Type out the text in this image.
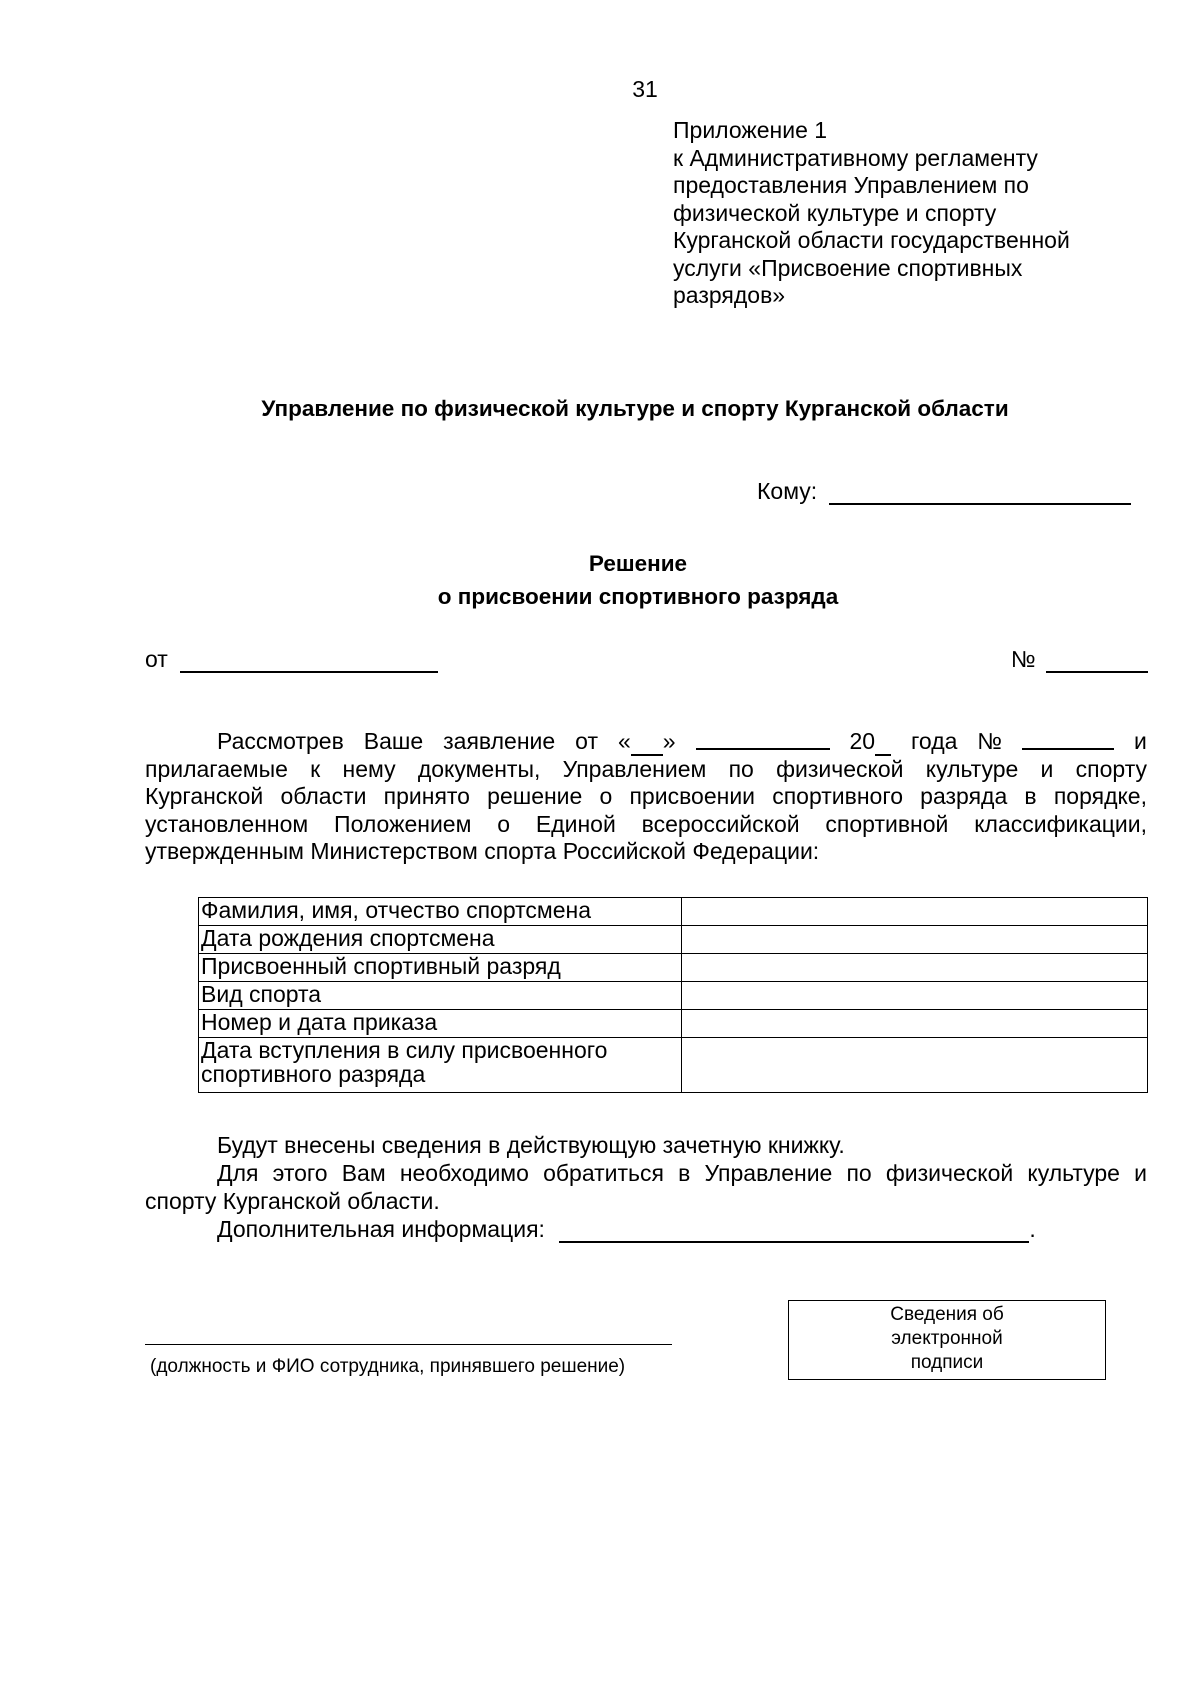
31
Приложение 1
к Административному регламенту
предоставления Управлением по
физической культуре и спорту
Курганской области государственной
услуги «Присвоение спортивных
разрядов»
Управление по физической культуре и спорту Курганской области
Кому:
Решение
о присвоении спортивного разряда
от	№
Рассмотрев Ваше заявление от « »	20	года №	и
прилагаемые к нему документы, Управлением по физической культуре и спорту
Курганской области принято решение о присвоении спортивного разряда в порядке,
установленном Положением о Единой всероссийской спортивной классификации,
утвержденным Министерством спорта Российской Федерации:
Фамилия, имя, отчество спортсмена	
Дата рождения спортсмена	
Присвоенный спортивный разряд	
Вид спорта	
Номер и дата приказа	

Дата вступления в силу присвоенного
спортивного разряда	

Будут внесены сведения в действующую зачетную книжку.
Для этого Вам необходимо обратиться в Управление по физической культуре и
спорту Курганской области.
Дополнительная информация:	.
(должность и ФИО сотрудника, принявшего решение)
Сведения об
электронной
подписи
